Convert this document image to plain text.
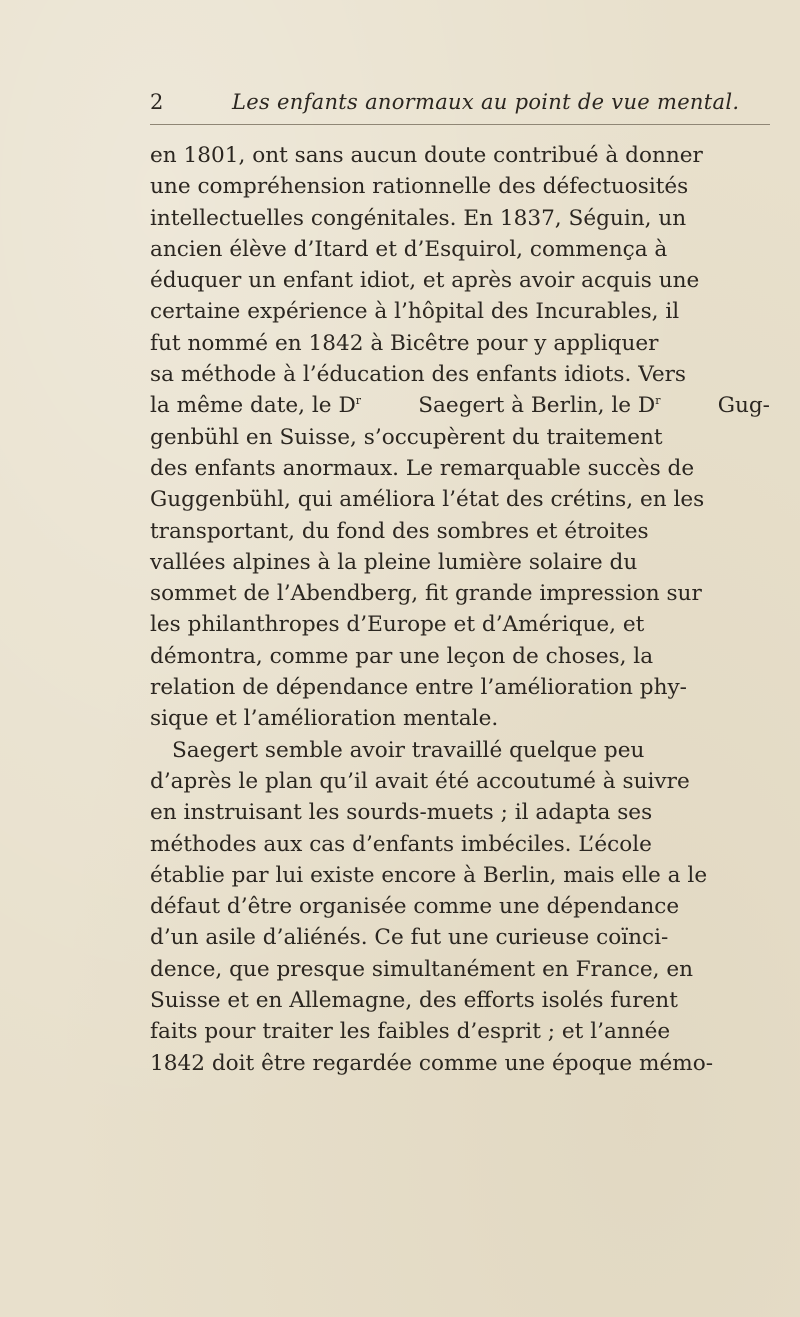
2	Les enfants anormaux au point de vue mental.
en 1801, ont sans aucun doute contribué à donner
une compréhension rationnelle des défectuosités
intellectuelles congénitales. En 1837, Séguin, un
ancien élève d’Itard et d’Esquirol, commença à
éduquer un enfant idiot, et après avoir acquis une
certaine expérience à l’hôpital des Incurables, il
fut nommé en 1842 à Bicêtre pour y appliquer
sa méthode à l’éducation des enfants idiots. Vers
la même date, le $D^r$	Saegert à Berlin, le $D^r$	Gug-
genbühl en Suisse, s’occupèrent du traitement
des enfants anormaux. Le remarquable succès de
Guggenbühl, qui améliora l’état des crétins, en les
transportant, du fond des sombres et étroites
vallées alpines à la pleine lumière solaire du
sommet de l’Abendberg, fit grande impression sur
les philanthropes d’Europe et d’Amérique, et
démontra, comme par une leçon de choses, la
relation de dépendance entre l’amélioration phy-
sique et l’amélioration mentale.
Saegert semble avoir travaillé quelque peu
d’après le plan qu’il avait été accoutumé à suivre
en instruisant les sourds-muets ; il adapta ses
méthodes aux cas d’enfants imbéciles. L’école
établie par lui existe encore à Berlin, mais elle a le
défaut d’être organisée comme une dépendance
d’un asile d’aliénés. Ce fut une curieuse coïnci-
dence, que presque simultanément en France, en
Suisse et en Allemagne, des efforts isolés furent
faits pour traiter les faibles d’esprit ; et l’année
1842 doit être regardée comme une époque mémo-
